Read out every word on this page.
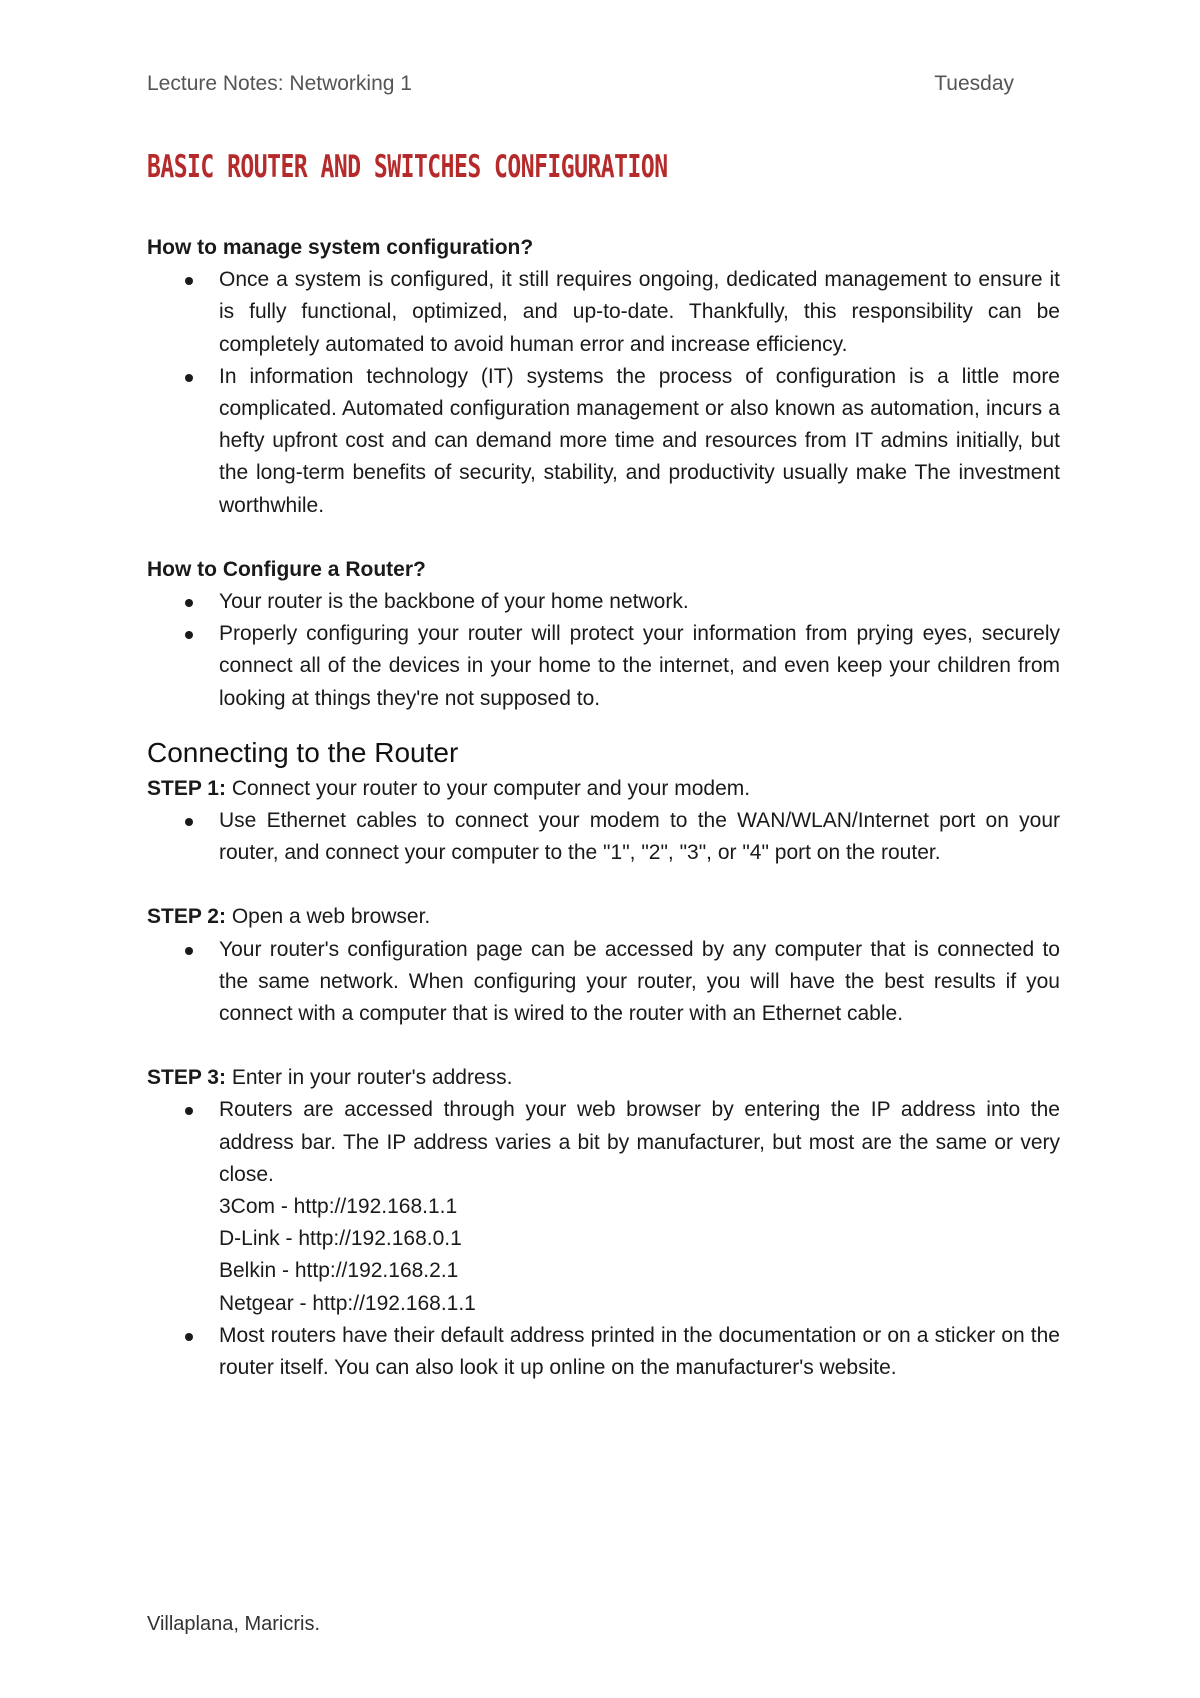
Lecture Notes: Networking 1	Tuesday
BASIC ROUTER AND SWITCHES CONFIGURATION

How to manage system configuration?

Once a system is configured, it still requires ongoing, dedicated management to ensure it is fully functional, optimized, and up-to-date. Thankfully, this responsibility can be completely automated to avoid human error and increase efficiency.
In information technology (IT) systems the process of configuration is a little more complicated. Automated configuration management or also known as automation, incurs a hefty upfront cost and can demand more time and resources from IT admins initially, but the long-term benefits of security, stability, and productivity usually make The investment worthwhile.

How to Configure a Router?

Your router is the backbone of your home network.
Properly configuring your router will protect your information from prying eyes, securely connect all of the devices in your home to the internet, and even keep your children from looking at things they're not supposed to.
Connecting to the Router

STEP 1: Connect your router to your computer and your modem.

Use Ethernet cables to connect your modem to the WAN/WLAN/Internet port on your router, and connect your computer to the "1", "2", "3", or "4" port on the router.

STEP 2: Open a web browser.

Your router's configuration page can be accessed by any computer that is connected to the same network. When configuring your router, you will have the best results if you connect with a computer that is wired to the router with an Ethernet cable.

STEP 3: Enter in your router's address.

Routers are accessed through your web browser by entering the IP address into the address bar. The IP address varies a bit by manufacturer, but most are the same or very close.
3Com - http://192.168.1.1
D-Link - http://192.168.0.1
Belkin - http://192.168.2.1
Netgear - http://192.168.1.1
Most routers have their default address printed in the documentation or on a sticker on the router itself. You can also look it up online on the manufacturer's website.
Villaplana, Maricris.
